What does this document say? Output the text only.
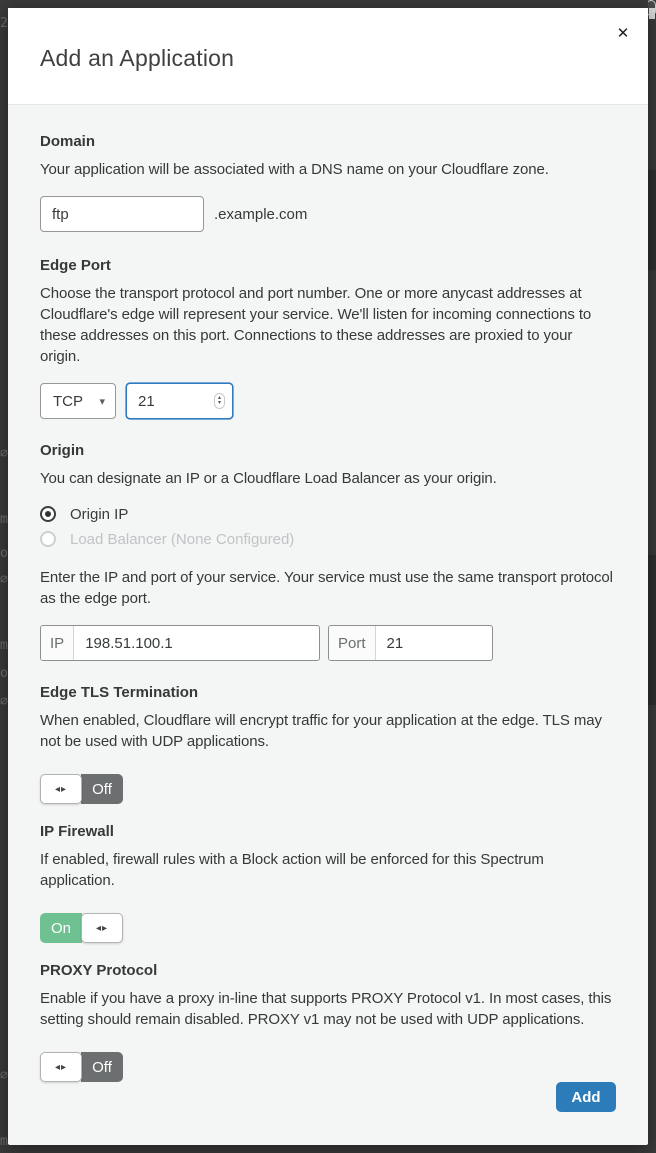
2
∅
m
o
∅
m
o
∅
∅
m
Add an Application
✕
Domain

Your application will be associated with a DNS name on your Cloudflare zone.

ftp
.example.com
Edge Port

Choose the transport protocol and port number. One or more anycast addresses at Cloudflare's edge will represent your service. We'll listen for incoming connections to these addresses on this port. Connections to these addresses are proxied to your origin.

TCP ▾
21	▴
▾
Origin

You can designate an IP or a Cloudflare Load Balancer as your origin.

Origin IP
Load Balancer (None Configured)

Enter the IP and port of your service. Your service must use the same transport protocol as the edge port.

IP
198.51.100.1	Port
21
Edge TLS Termination

When enabled, Cloudflare will encrypt traffic for your application at the edge. TLS may not be used with UDP applications.

◂▸	Off
IP Firewall

If enabled, firewall rules with a Block action will be enforced for this Spectrum application.

On	◂▸
PROXY Protocol

Enable if you have a proxy in-line that supports PROXY Protocol v1. In most cases, this setting should remain disabled. PROXY v1 may not be used with UDP applications.

◂▸	Off
Add
